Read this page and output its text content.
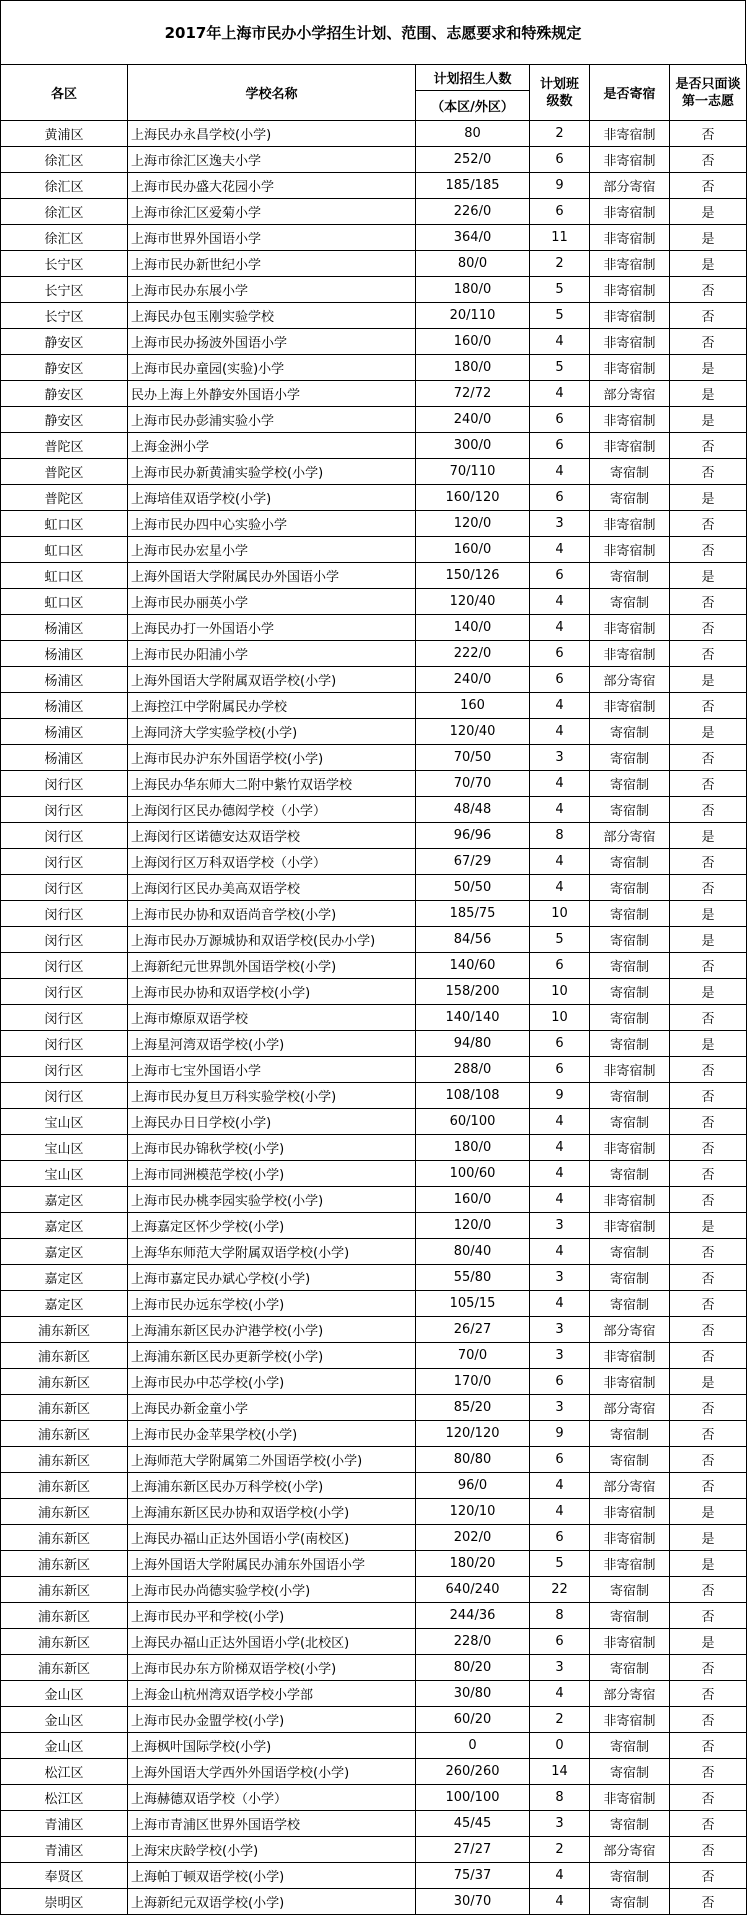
2017年上海市民办小学招生计划、范围、志愿要求和特殊规定
各区	学校名称	计划招生人数	计划班级数	是否寄宿	是否只面谈第一志愿
		（本区/外区）			
黄浦区	上海民办永昌学校(小学)	80	2	非寄宿制	否
徐汇区	上海市徐汇区逸夫小学	252/0	6	非寄宿制	否
徐汇区	上海市民办盛大花园小学	185/185	9	部分寄宿	否
徐汇区	上海市徐汇区爱菊小学	226/0	6	非寄宿制	是
徐汇区	上海市世界外国语小学	364/0	11	非寄宿制	是
长宁区	上海市民办新世纪小学	80/0	2	非寄宿制	是
长宁区	上海市民办东展小学	180/0	5	非寄宿制	否
长宁区	上海民办包玉刚实验学校	20/110	5	非寄宿制	否
静安区	上海市民办扬波外国语小学	160/0	4	非寄宿制	否
静安区	上海市民办童园(实验)小学	180/0	5	非寄宿制	是
静安区	民办上海上外静安外国语小学	72/72	4	部分寄宿	是
静安区	上海市民办彭浦实验小学	240/0	6	非寄宿制	是
普陀区	上海金洲小学	300/0	6	非寄宿制	否
普陀区	上海市民办新黄浦实验学校(小学)	70/110	4	寄宿制	否
普陀区	上海培佳双语学校(小学)	160/120	6	寄宿制	是
虹口区	上海市民办四中心实验小学	120/0	3	非寄宿制	否
虹口区	上海市民办宏星小学	160/0	4	非寄宿制	否
虹口区	上海外国语大学附属民办外国语小学	150/126	6	寄宿制	是
虹口区	上海市民办丽英小学	120/40	4	寄宿制	否
杨浦区	上海民办打一外国语小学	140/0	4	非寄宿制	否
杨浦区	上海市民办阳浦小学	222/0	6	非寄宿制	否
杨浦区	上海外国语大学附属双语学校(小学)	240/0	6	部分寄宿	是
杨浦区	上海控江中学附属民办学校	160	4	非寄宿制	否
杨浦区	上海同济大学实验学校(小学)	120/40	4	寄宿制	是
杨浦区	上海市民办沪东外国语学校(小学)	70/50	3	寄宿制	否
闵行区	上海民办华东师大二附中紫竹双语学校	70/70	4	寄宿制	否
闵行区	上海闵行区民办德闳学校（小学）	48/48	4	寄宿制	否
闵行区	上海闵行区诺德安达双语学校	96/96	8	部分寄宿	是
闵行区	上海闵行区万科双语学校（小学）	67/29	4	寄宿制	否
闵行区	上海闵行区民办美高双语学校	50/50	4	寄宿制	否
闵行区	上海市民办协和双语尚音学校(小学)	185/75	10	寄宿制	是
闵行区	上海市民办万源城协和双语学校(民办小学)	84/56	5	寄宿制	是
闵行区	上海新纪元世界凯外国语学校(小学)	140/60	6	寄宿制	否
闵行区	上海市民办协和双语学校(小学)	158/200	10	寄宿制	是
闵行区	上海市燎原双语学校	140/140	10	寄宿制	否
闵行区	上海星河湾双语学校(小学)	94/80	6	寄宿制	是
闵行区	上海市七宝外国语小学	288/0	6	非寄宿制	否
闵行区	上海市民办复旦万科实验学校(小学)	108/108	9	寄宿制	否
宝山区	上海民办日日学校(小学)	60/100	4	寄宿制	否
宝山区	上海市民办锦秋学校(小学)	180/0	4	非寄宿制	否
宝山区	上海市同洲模范学校(小学)	100/60	4	寄宿制	否
嘉定区	上海市民办桃李园实验学校(小学)	160/0	4	非寄宿制	否
嘉定区	上海嘉定区怀少学校(小学)	120/0	3	非寄宿制	是
嘉定区	上海华东师范大学附属双语学校(小学)	80/40	4	寄宿制	否
嘉定区	上海市嘉定民办斌心学校(小学)	55/80	3	寄宿制	否
嘉定区	上海市民办远东学校(小学)	105/15	4	寄宿制	否
浦东新区	上海浦东新区民办沪港学校(小学)	26/27	3	部分寄宿	否
浦东新区	上海浦东新区民办更新学校(小学)	70/0	3	非寄宿制	否
浦东新区	上海市民办中芯学校(小学)	170/0	6	非寄宿制	是
浦东新区	上海民办新金童小学	85/20	3	部分寄宿	否
浦东新区	上海市民办金苹果学校(小学)	120/120	9	寄宿制	否
浦东新区	上海师范大学附属第二外国语学校(小学)	80/80	6	寄宿制	否
浦东新区	上海浦东新区民办万科学校(小学)	96/0	4	部分寄宿	否
浦东新区	上海浦东新区民办协和双语学校(小学)	120/10	4	非寄宿制	是
浦东新区	上海民办福山正达外国语小学(南校区)	202/0	6	非寄宿制	是
浦东新区	上海外国语大学附属民办浦东外国语小学	180/20	5	非寄宿制	是
浦东新区	上海市民办尚德实验学校(小学)	640/240	22	寄宿制	否
浦东新区	上海市民办平和学校(小学)	244/36	8	寄宿制	否
浦东新区	上海民办福山正达外国语小学(北校区)	228/0	6	非寄宿制	是
浦东新区	上海市民办东方阶梯双语学校(小学)	80/20	3	寄宿制	否
金山区	上海金山杭州湾双语学校小学部	30/80	4	部分寄宿	否
金山区	上海市民办金盟学校(小学)	60/20	2	非寄宿制	否
金山区	上海枫叶国际学校(小学)	0	0	寄宿制	否
松江区	上海外国语大学西外外国语学校(小学)	260/260	14	寄宿制	否
松江区	上海赫德双语学校（小学）	100/100	8	非寄宿制	否
青浦区	上海市青浦区世界外国语学校	45/45	3	寄宿制	否
青浦区	上海宋庆龄学校(小学)	27/27	2	部分寄宿	否
奉贤区	上海帕丁顿双语学校(小学)	75/37	4	寄宿制	否
崇明区	上海新纪元双语学校(小学)	30/70	4	寄宿制	否
